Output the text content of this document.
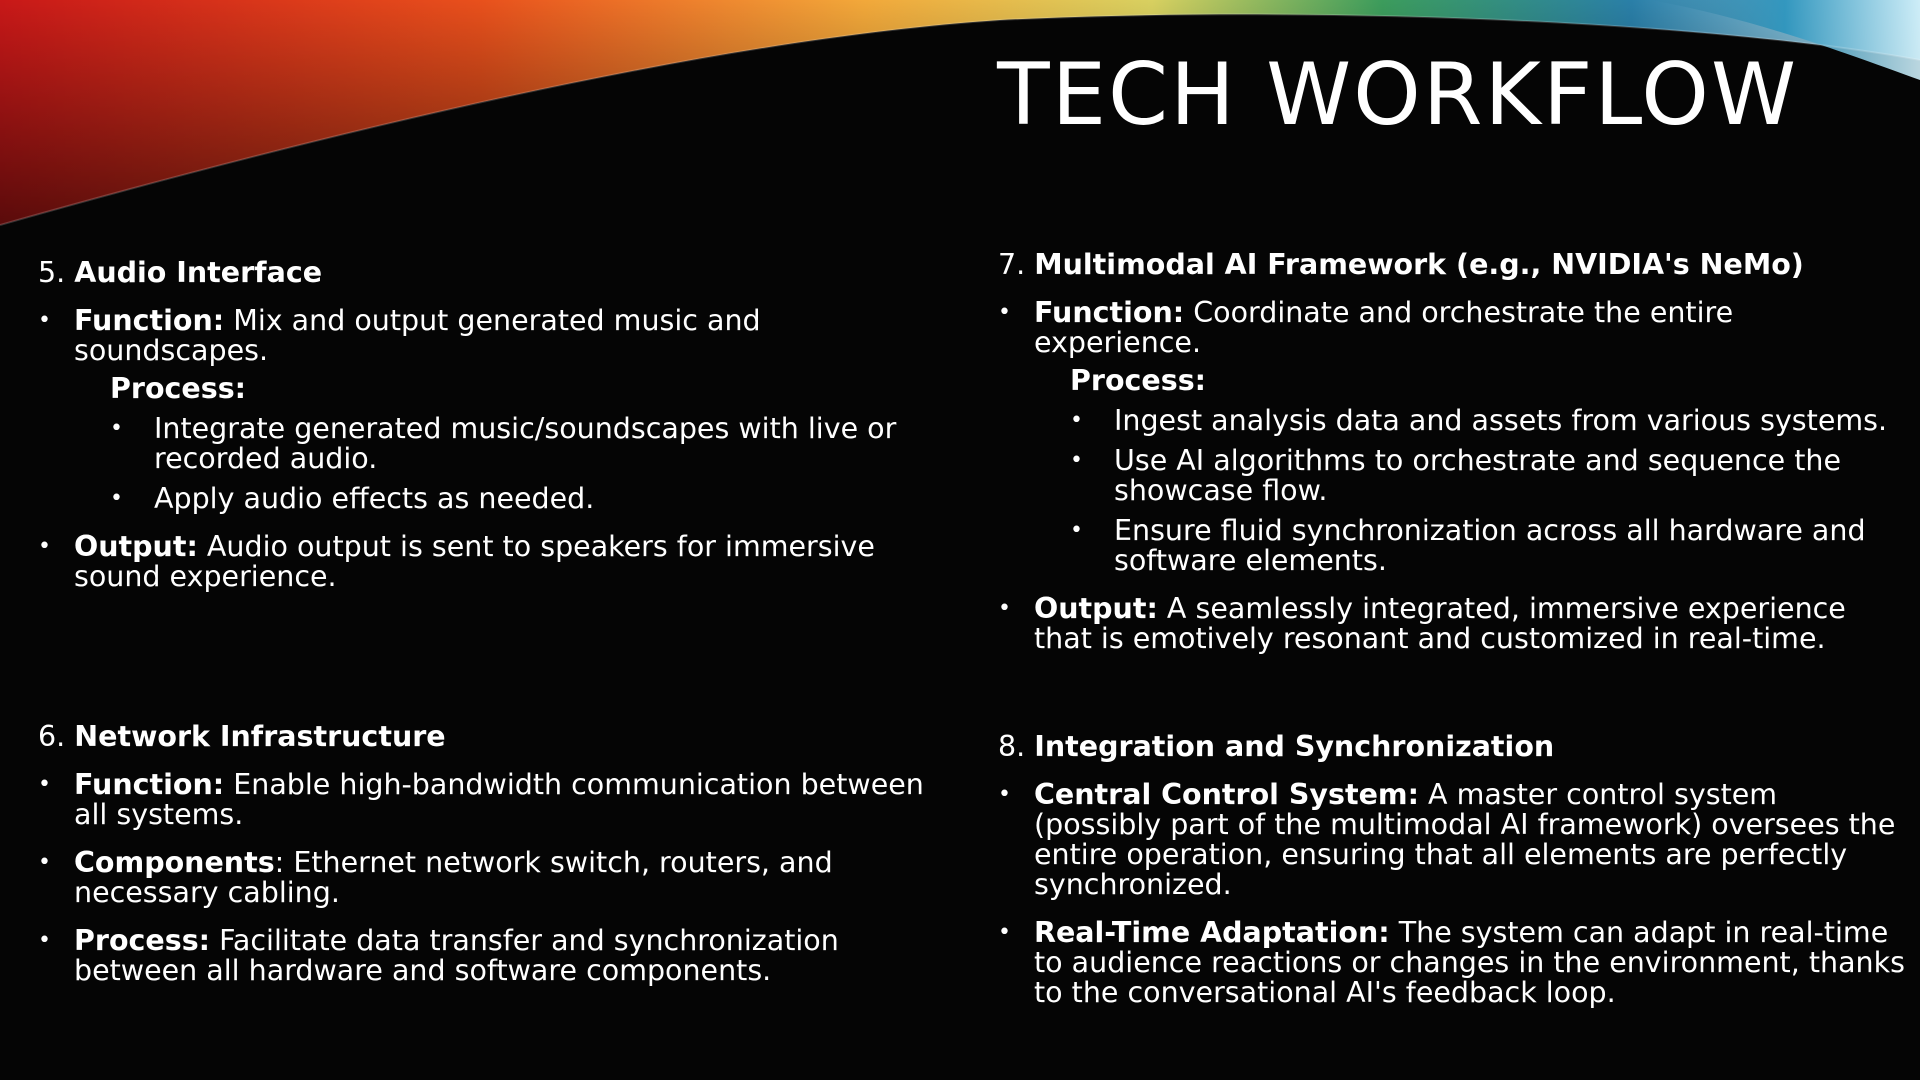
TECH WORKFLOW

5. Audio Interface

• Function: Mix and output generated music and soundscapes.

Process:

• Integrate generated music/soundscapes with live or recorded audio.

• Apply audio effects as needed.

• Output: Audio output is sent to speakers for immersive sound experience.

6. Network Infrastructure

• Function: Enable high-bandwidth communication between all systems.

• Components: Ethernet network switch, routers, and necessary cabling.

• Process: Facilitate data transfer and synchronization between all hardware and software components.

7. Multimodal AI Framework (e.g., NVIDIA's NeMo)

• Function: Coordinate and orchestrate the entire experience.

Process:

• Ingest analysis data and assets from various systems.

• Use AI algorithms to orchestrate and sequence the showcase flow.

• Ensure fluid synchronization across all hardware and software elements.

• Output: A seamlessly integrated, immersive experience that is emotively resonant and customized in real-time.

8. Integration and Synchronization

• Central Control System: A master control system (possibly part of the multimodal AI framework) oversees the entire operation, ensuring that all elements are perfectly synchronized.

• Real-Time Adaptation: The system can adapt in real-time to audience reactions or changes in the environment, thanks to the conversational AI's feedback loop.
